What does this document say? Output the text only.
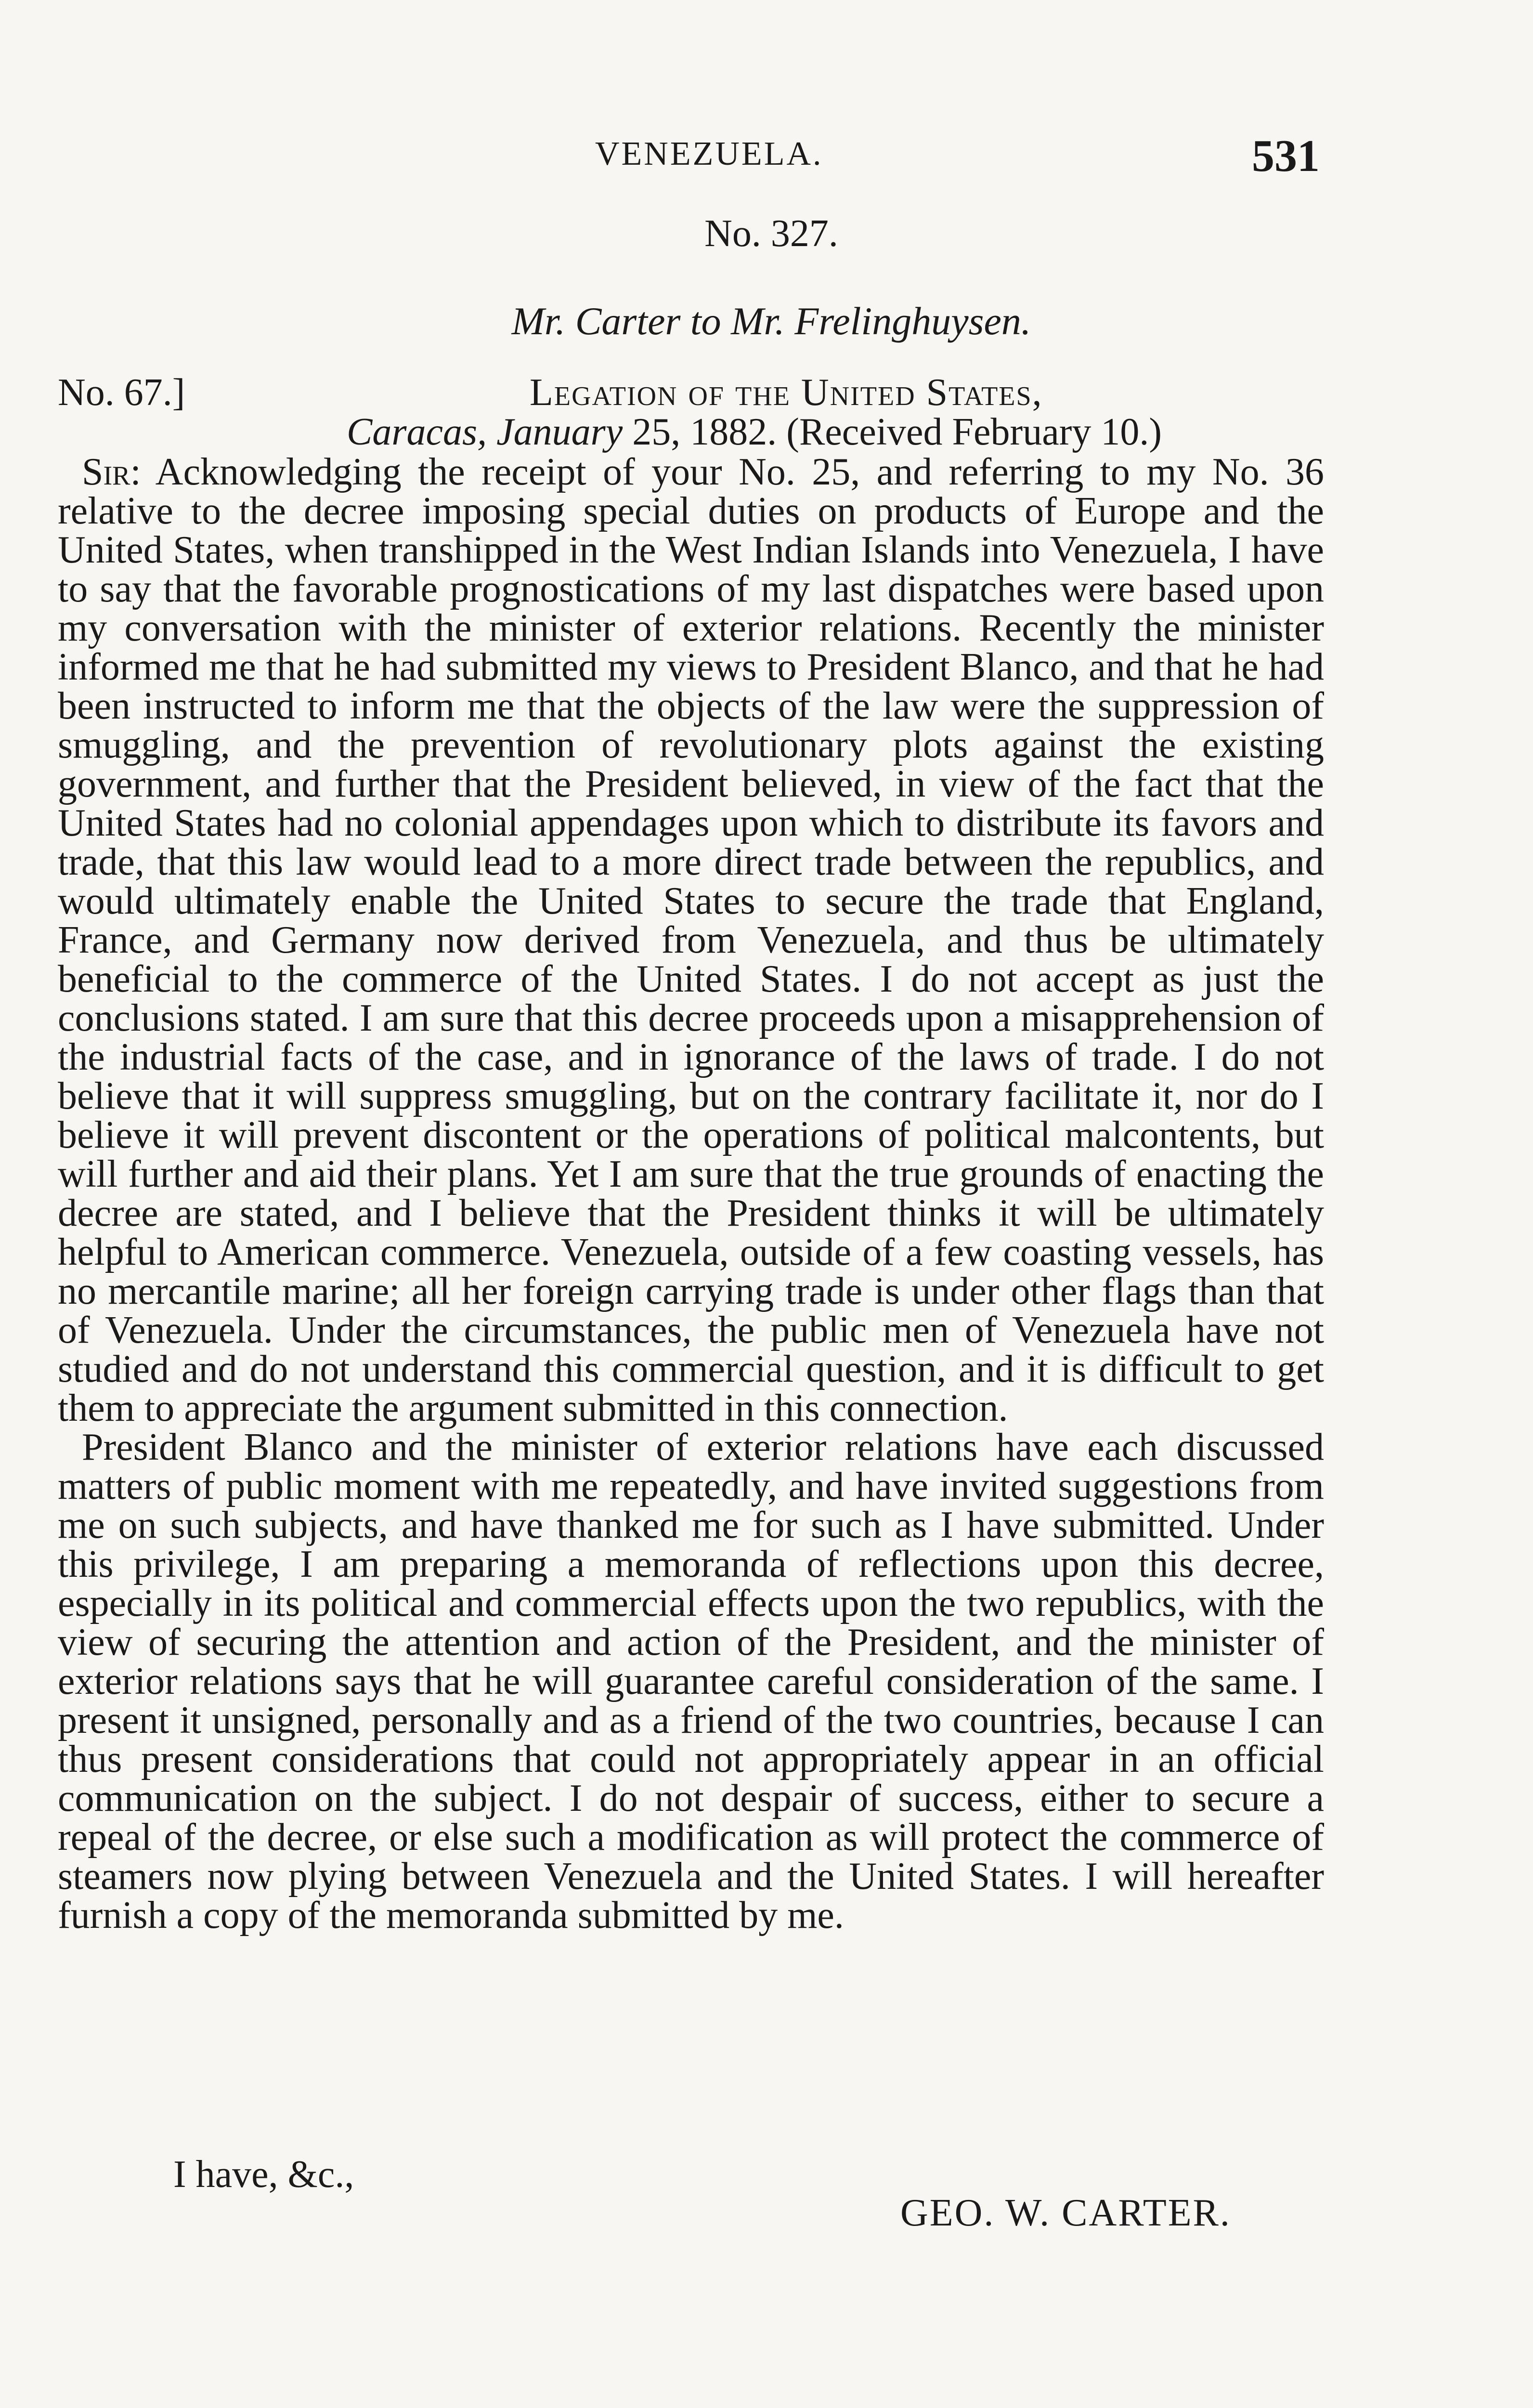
VENEZUELA.	531
No. 327.
Mr. Carter to Mr. Frelinghuysen.
No. 67.]	Legation of the United States,
Caracas, January 25, 1882. (Received February 10.)

Sir: Acknowledging the receipt of your No. 25, and referring to my No. 36 relative to the decree imposing special duties on products of Europe and the United States, when transhipped in the West Indian Islands into Venezuela, I have to say that the favorable prognostications of my last dispatches were based upon my conversation with the minister of exterior relations. Recently the minister informed me that he had submitted my views to President Blanco, and that he had been instructed to inform me that the objects of the law were the suppression of smuggling, and the prevention of revolutionary plots against the existing government, and further that the President believed, in view of the fact that the United States had no colonial appendages upon which to distribute its favors and trade, that this law would lead to a more direct trade between the republics, and would ultimately enable the United States to secure the trade that England, France, and Germany now derived from Venezuela, and thus be ultimately beneficial to the commerce of the United States. I do not accept as just the conclusions stated. I am sure that this decree proceeds upon a misapprehension of the industrial facts of the case, and in ignorance of the laws of trade. I do not believe that it will suppress smuggling, but on the contrary facilitate it, nor do I believe it will prevent discontent or the operations of political malcontents, but will further and aid their plans. Yet I am sure that the true grounds of enacting the decree are stated, and I believe that the President thinks it will be ultimately helpful to American commerce. Venezuela, outside of a few coasting vessels, has no mercantile marine; all her foreign carrying trade is under other flags than that of Venezuela. Under the circumstances, the public men of Venezuela have not studied and do not understand this commercial question, and it is difficult to get them to appreciate the argument submitted in this connection.

President Blanco and the minister of exterior relations have each discussed matters of public moment with me repeatedly, and have invited suggestions from me on such subjects, and have thanked me for such as I have submitted. Under this privilege, I am preparing a memoranda of reflections upon this decree, especially in its political and commercial effects upon the two republics, with the view of securing the attention and action of the President, and the minister of exterior relations says that he will guarantee careful consideration of the same. I present it unsigned, personally and as a friend of the two countries, because I can thus present considerations that could not appropriately appear in an official communication on the subject. I do not despair of success, either to secure a repeal of the decree, or else such a modification as will protect the commerce of steamers now plying between Venezuela and the United States. I will hereafter furnish a copy of the memoranda submitted by me.

I have, &c.,
GEO. W. CARTER.
